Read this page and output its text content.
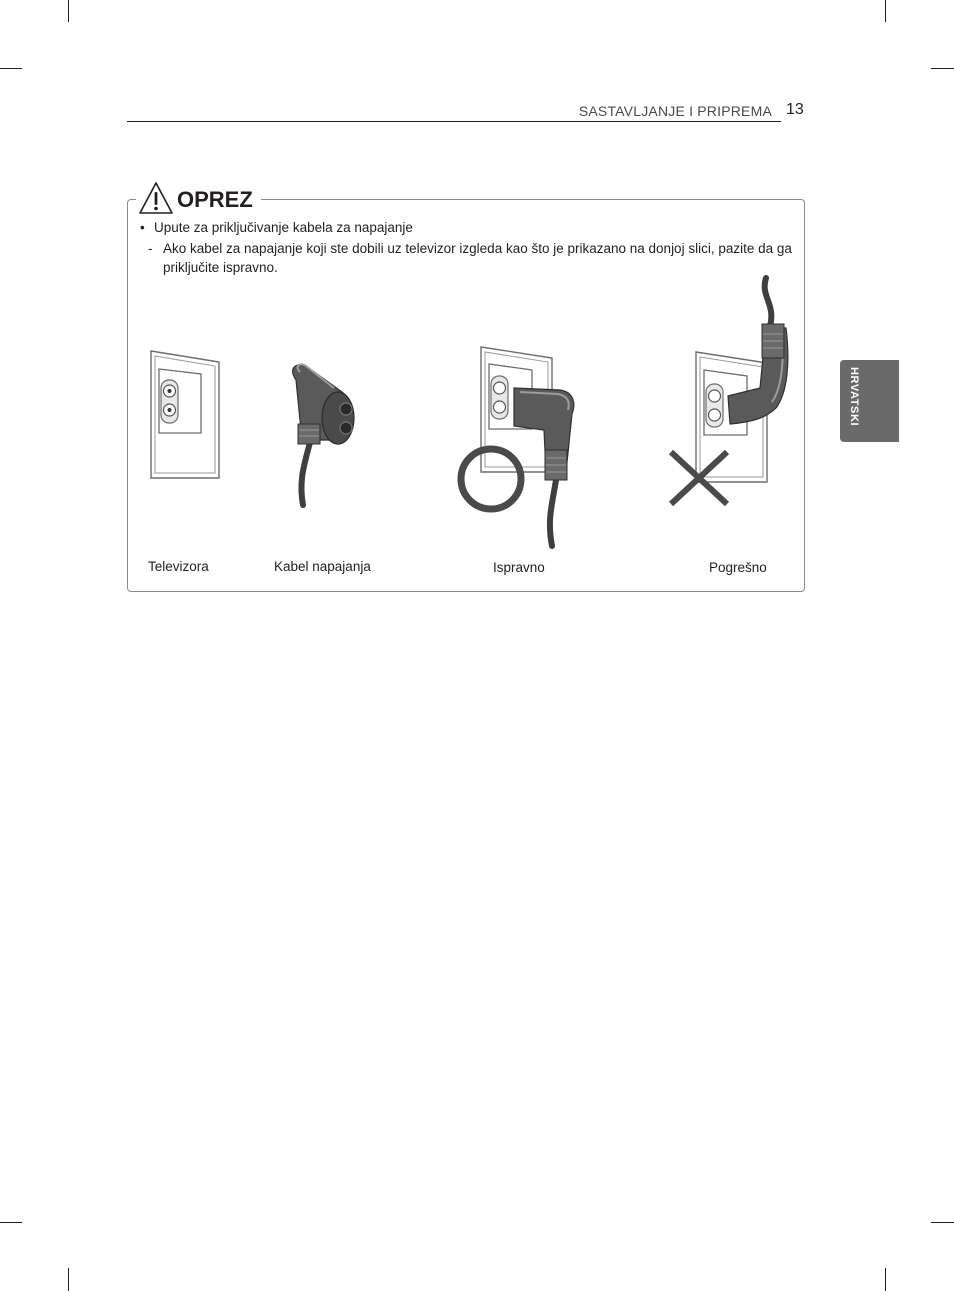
SASTAVLJANJE I PRIPREMA 13
HRVATSKI
OPREZ
• Upute za priključivanje kabela za napajanje
- Ako kabel za napajanje koji ste dobili uz televizor izgleda kao što je prikazano na donjoj slici, pazite da ga priključite ispravno.
Televizora	Kabel napajanja	Ispravno	Pogrešno
